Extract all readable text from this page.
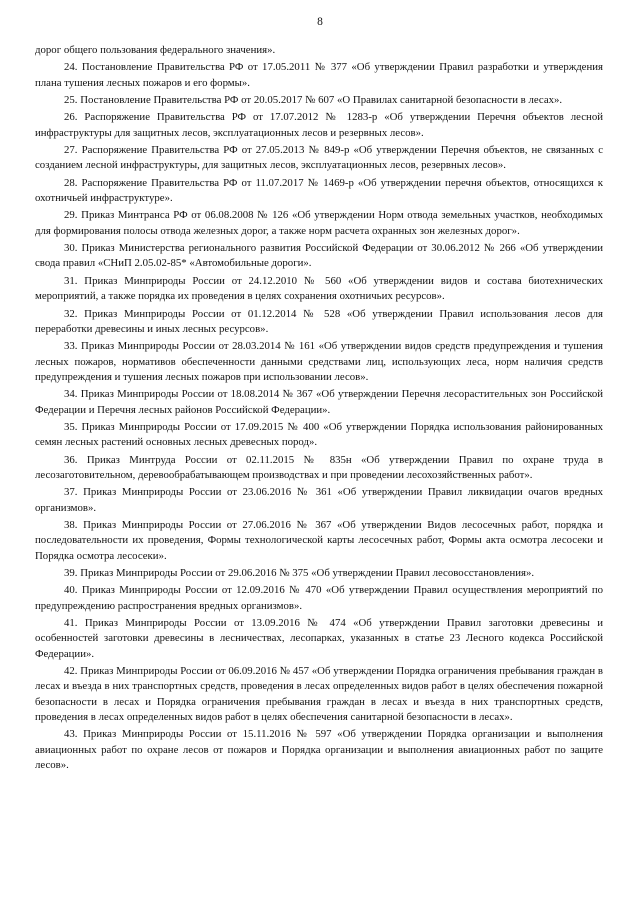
8

дорог общего пользования федерального значения».

24. Постановление Правительства РФ от 17.05.2011 № 377 «Об утверждении Правил разработки и утверждения плана тушения лесных пожаров и его формы».

25. Постановление Правительства РФ от 20.05.2017 № 607 «О Правилах санитарной безопасности в лесах».

26. Распоряжение Правительства РФ от 17.07.2012 № 1283-р «Об утверждении Перечня объектов лесной инфраструктуры для защитных лесов, эксплуатационных лесов и резервных лесов».

27. Распоряжение Правительства РФ от 27.05.2013 № 849-р «Об утверждении Перечня объектов, не связанных с созданием лесной инфраструктуры, для защитных лесов, эксплуатационных лесов, резервных лесов».

28. Распоряжение Правительства РФ от 11.07.2017 № 1469-р «Об утверждении перечня объектов, относящихся к охотничьей инфраструктуре».

29. Приказ Минтранса РФ от 06.08.2008 № 126 «Об утверждении Норм отвода земельных участков, необходимых для формирования полосы отвода железных дорог, а также норм расчета охранных зон железных дорог».

30. Приказ Министерства регионального развития Российской Федерации от 30.06.2012 № 266 «Об утверждении свода правил «СНиП 2.05.02-85* «Автомобильные дороги».

31. Приказ Минприроды России от 24.12.2010 № 560 «Об утверждении видов и состава биотехнических мероприятий, а также порядка их проведения в целях сохранения охотничьих ресурсов».

32. Приказ Минприроды России от 01.12.2014 № 528 «Об утверждении Правил использования лесов для переработки древесины и иных лесных ресурсов».

33. Приказ Минприроды России от 28.03.2014 № 161 «Об утверждении видов средств предупреждения и тушения лесных пожаров, нормативов обеспеченности данными средствами лиц, использующих леса, норм наличия средств предупреждения и тушения лесных пожаров при использовании лесов».

34. Приказ Минприроды России от 18.08.2014 № 367 «Об утверждении Перечня лесорастительных зон Российской Федерации и Перечня лесных районов Российской Федерации».

35. Приказ Минприроды России от 17.09.2015 № 400 «Об утверждении Порядка использования районированных семян лесных растений основных лесных древесных пород».

36. Приказ Минтруда России от 02.11.2015 № 835н «Об утверждении Правил по охране труда в лесозаготовительном, деревообрабатывающем производствах и при проведении лесохозяйственных работ».

37. Приказ Минприроды России от 23.06.2016 № 361 «Об утверждении Правил ликвидации очагов вредных организмов».

38. Приказ Минприроды России от 27.06.2016 № 367 «Об утверждении Видов лесосечных работ, порядка и последовательности их проведения, Формы технологической карты лесосечных работ, Формы акта осмотра лесосеки и Порядка осмотра лесосеки».

39. Приказ Минприроды России от 29.06.2016 № 375 «Об утверждении Правил лесовосстановления».

40. Приказ Минприроды России от 12.09.2016 № 470 «Об утверждении Правил осуществления мероприятий по предупреждению распространения вредных организмов».

41. Приказ Минприроды России от 13.09.2016 № 474 «Об утверждении Правил заготовки древесины и особенностей заготовки древесины в лесничествах, лесопарках, указанных в статье 23 Лесного кодекса Российской Федерации».

42. Приказ Минприроды России от 06.09.2016 № 457 «Об утверждении Порядка ограничения пребывания граждан в лесах и въезда в них транспортных средств, проведения в лесах определенных видов работ в целях обеспечения пожарной безопасности в лесах и Порядка ограничения пребывания граждан в лесах и въезда в них транспортных средств, проведения в лесах определенных видов работ в целях обеспечения санитарной безопасности в лесах».

43. Приказ Минприроды России от 15.11.2016 № 597 «Об утверждении Порядка организации и выполнения авиационных работ по охране лесов от пожаров и Порядка организации и выполнения авиационных работ по защите лесов».
